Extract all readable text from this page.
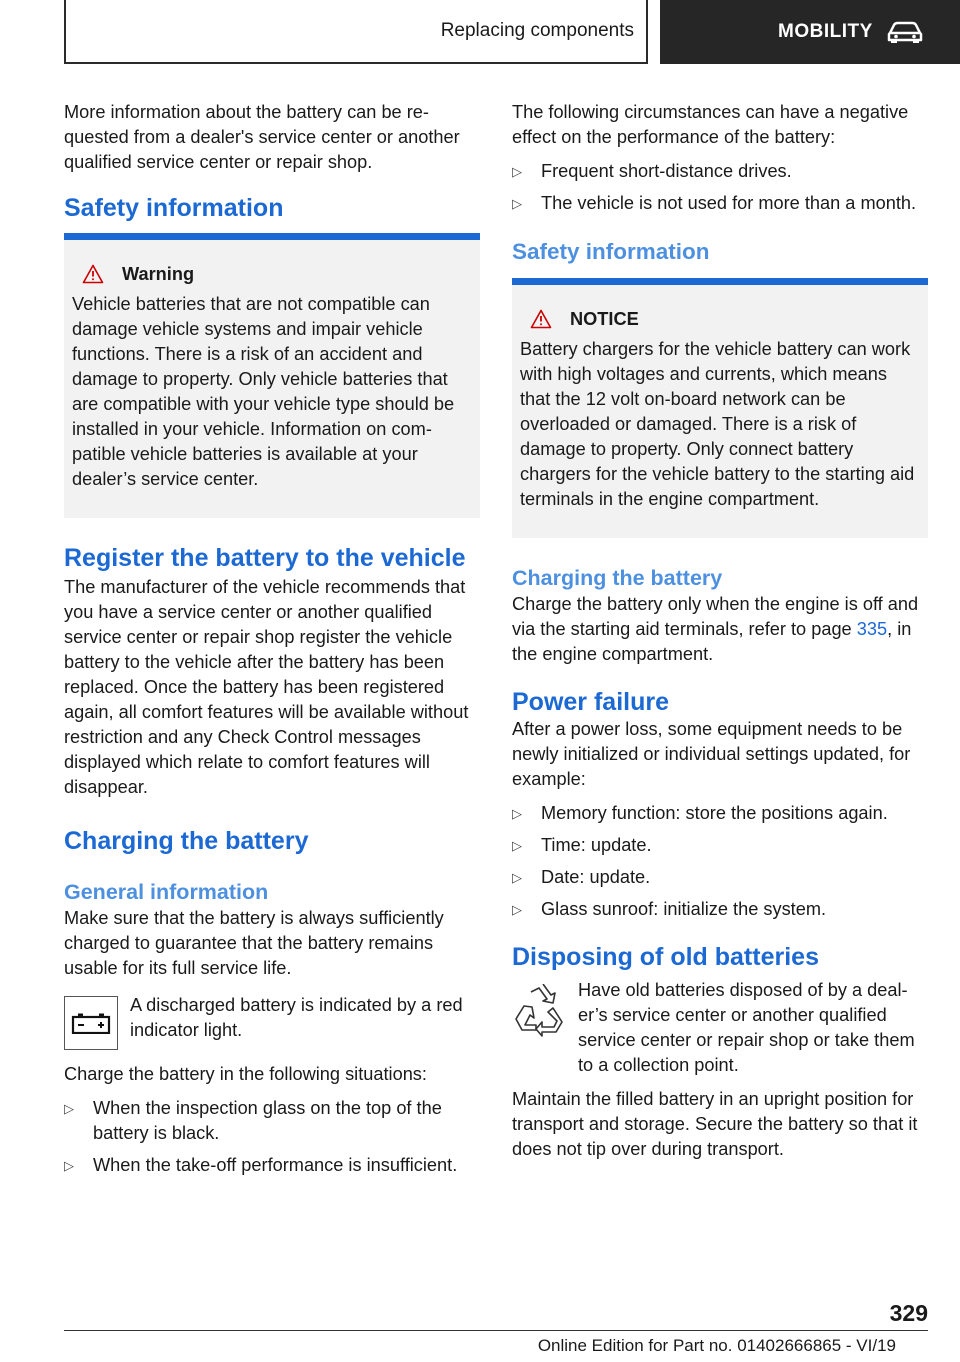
Replacing components	MOBILITY

More information about the battery can be requested from a dealer's service center or another qualified service center or repair shop.

Safety information
Warning

Vehicle batteries that are not compatible can damage vehicle systems and impair vehicle functions. There is a risk of an accident and damage to property. Only vehicle batteries that are compatible with your vehicle type should be installed in your vehicle. Information on compatible vehicle batteries is available at your dealer’s service center.

Register the battery to the vehicle

The manufacturer of the vehicle recommends that you have a service center or another qualified service center or repair shop register the vehicle battery to the vehicle after the battery has been replaced. Once the battery has been registered again, all comfort features will be available without restriction and any Check Control messages displayed which relate to comfort features will disappear.

Charging the battery
General information

Make sure that the battery is always sufficiently charged to guarantee that the battery remains usable for its full service life.

A discharged battery is indicated by a red indicator light.

Charge the battery in the following situations:

▷ When the inspection glass on the top of the battery is black.
▷ When the take-off performance is insufficient.

The following circumstances can have a negative effect on the performance of the battery:

▷ Frequent short-distance drives.
▷ The vehicle is not used for more than a month.
Safety information
NOTICE

Battery chargers for the vehicle battery can work with high voltages and currents, which means that the 12 volt on-board network can be overloaded or damaged. There is a risk of damage to property. Only connect battery chargers for the vehicle battery to the starting aid terminals in the engine compartment.

Charging the battery

Charge the battery only when the engine is off and via the starting aid terminals, refer to page 335, in the engine compartment.

Power failure

After a power loss, some equipment needs to be newly initialized or individual settings updated, for example:

▷ Memory function: store the positions again.
▷ Time: update.
▷ Date: update.
▷ Glass sunroof: initialize the system.
Disposing of old batteries

Have old batteries disposed of by a dealer’s service center or another qualified service center or repair shop or take them to a collection point.

Maintain the filled battery in an upright position for transport and storage. Secure the battery so that it does not tip over during transport.

329
Online Edition for Part no. 01402666865 - VI/19
